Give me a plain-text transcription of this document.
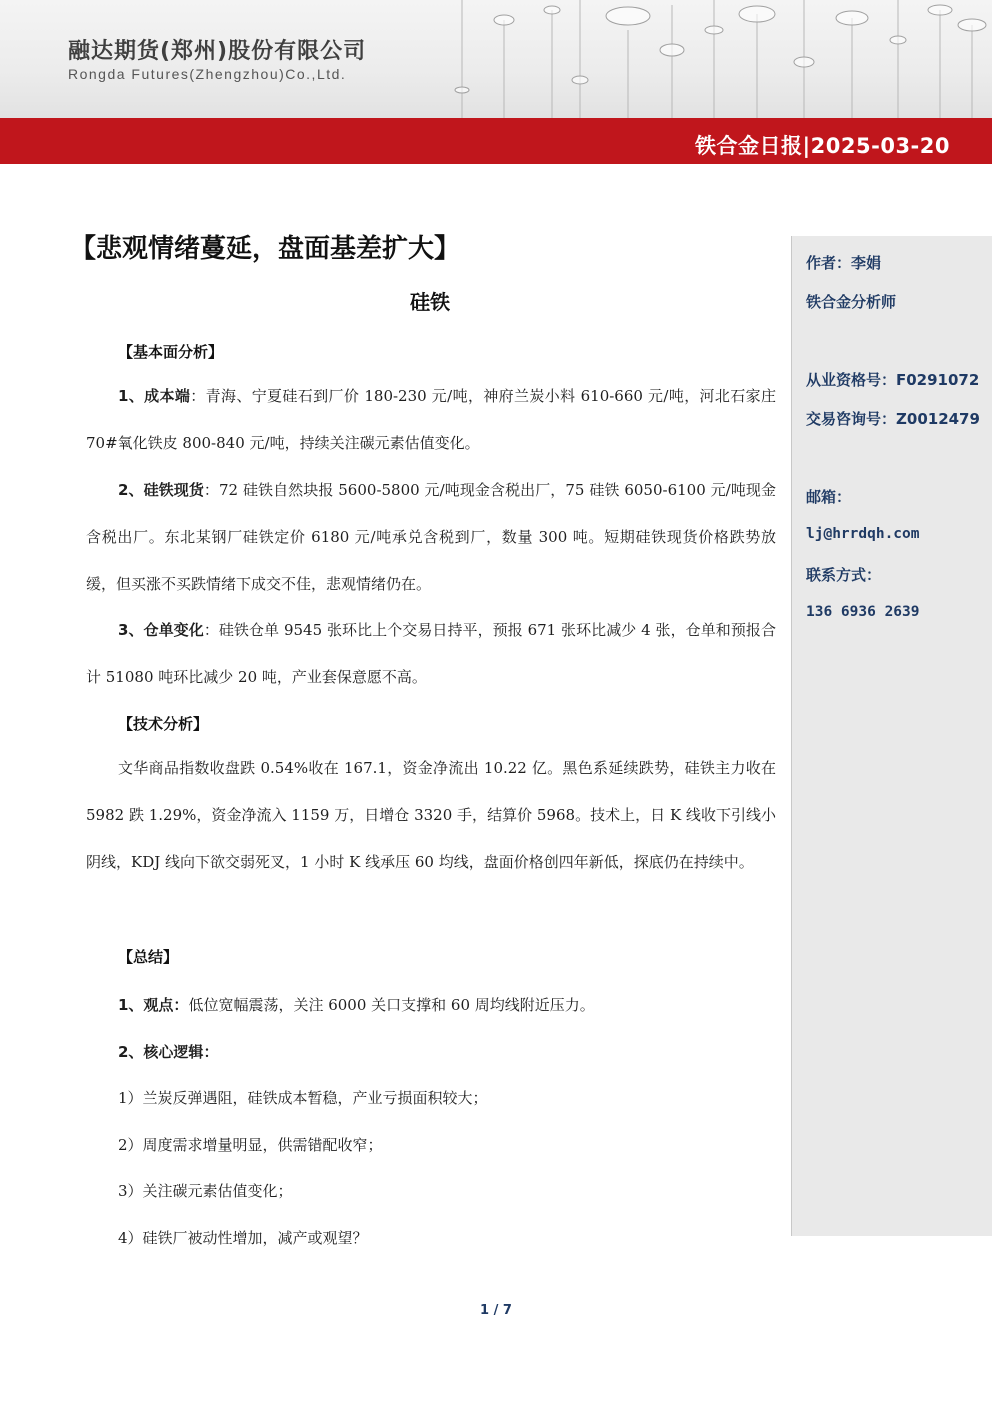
融达期货(郑州)股份有限公司
Rongda Futures(Zhengzhou)Co.,Ltd.
铁合金日报|2025-03-20
作者：李娟
铁合金分析师
从业资格号：F0291072
交易咨询号：Z0012479
邮箱：
lj@hrrdqh.com
联系方式：
136 6936 2639
【悲观情绪蔓延，盘面基差扩大】
硅铁
【基本面分析】
1、成本端：青海、宁夏硅石到厂价 180-230 元/吨，神府兰炭小料 610-660 元/吨，河北石家庄 70#氧化铁皮 800-840 元/吨，持续关注碳元素估值变化。
2、硅铁现货：72 硅铁自然块报 5600-5800 元/吨现金含税出厂，75 硅铁 6050-6100 元/吨现金含税出厂。东北某钢厂硅铁定价 6180 元/吨承兑含税到厂，数量 300 吨。短期硅铁现货价格跌势放缓，但买涨不买跌情绪下成交不佳，悲观情绪仍在。
3、仓单变化：硅铁仓单 9545 张环比上个交易日持平，预报 671 张环比减少 4 张，仓单和预报合计 51080 吨环比减少 20 吨，产业套保意愿不高。
【技术分析】
文华商品指数收盘跌 0.54%收在 167.1，资金净流出 10.22 亿。黑色系延续跌势，硅铁主力收在 5982 跌 1.29%，资金净流入 1159 万，日增仓 3320 手，结算价 5968。技术上，日 K 线收下引线小阴线，KDJ 线向下欲交弱死叉，1 小时 K 线承压 60 均线，盘面价格创四年新低，探底仍在持续中。
【总结】
1、观点：低位宽幅震荡，关注 6000 关口支撑和 60 周均线附近压力。
2、核心逻辑：
1）兰炭反弹遇阻，硅铁成本暂稳，产业亏损面积较大；
2）周度需求增量明显，供需错配收窄；
3）关注碳元素估值变化；
4）硅铁厂被动性增加，减产或观望？
1 / 7
